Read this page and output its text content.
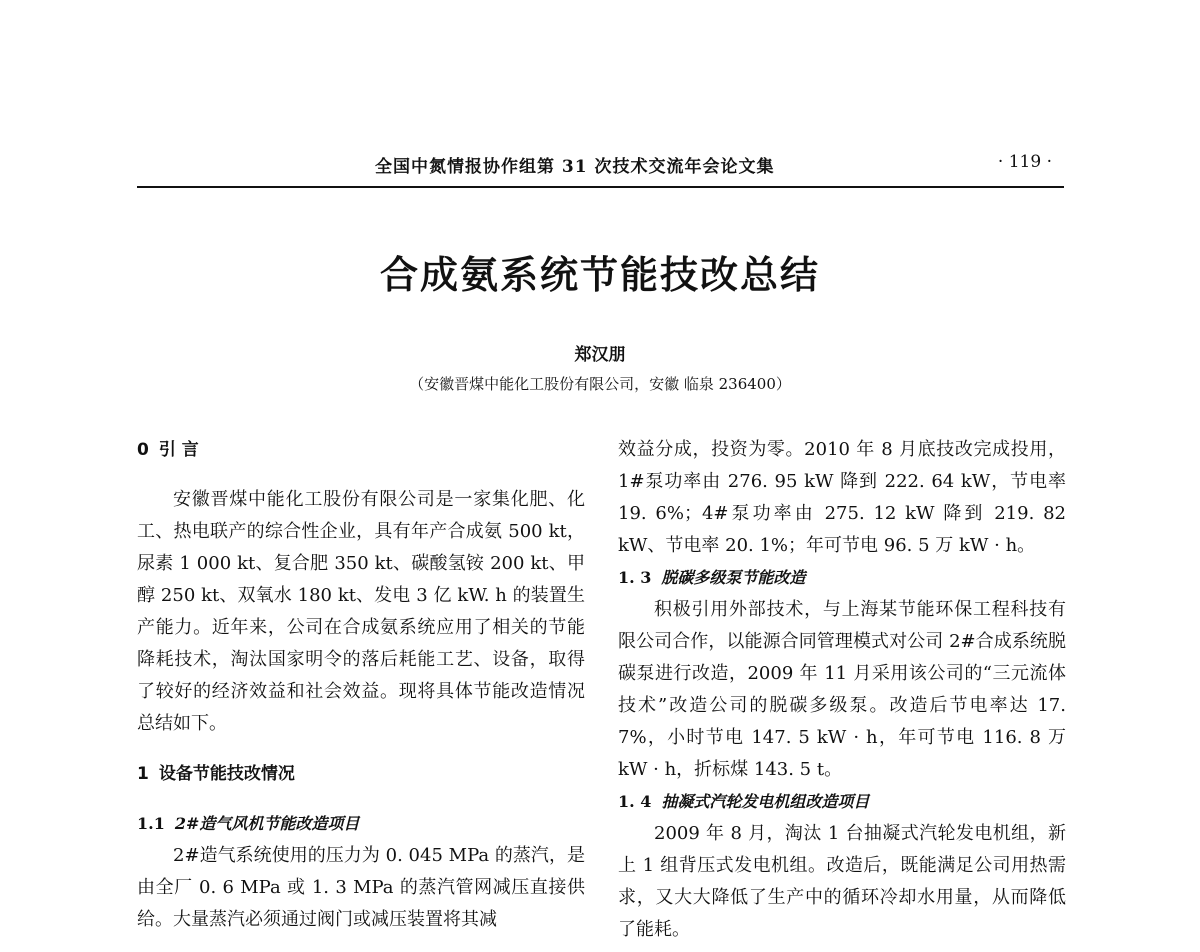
全国中氮情报协作组第 31 次技术交流年会论文集	· 119 ·
合成氨系统节能技改总结
郑汉朋
（安徽晋煤中能化工股份有限公司，安徽 临泉 236400）
0 引 言

安徽晋煤中能化工股份有限公司是一家集化肥、化工、热电联产的综合性企业，具有年产合成氨 500 kt，尿素 1 000 kt、复合肥 350 kt、碳酸氢铵 200 kt、甲醇 250 kt、双氧水 180 kt、发电 3 亿 kW. h 的装置生产能力。近年来，公司在合成氨系统应用了相关的节能降耗技术，淘汰国家明令的落后耗能工艺、设备，取得了较好的经济效益和社会效益。现将具体节能改造情况总结如下。

1 设备节能技改情况
1.1 2#造气风机节能改造项目

2#造气系统使用的压力为 0. 045 MPa 的蒸汽，是由全厂 0. 6 MPa 或 1. 3 MPa 的蒸汽管网减压直接供给。大量蒸汽必须通过阀门或减压装置将其减

效益分成，投资为零。2010 年 8 月底技改完成投用，1#泵功率由 276. 95 kW 降到 222. 64 kW，节电率 19. 6%；4#泵功率由 275. 12 kW 降到 219. 82 kW、节电率 20. 1%；年可节电 96. 5 万 kW · h。

1. 3 脱碳多级泵节能改造

积极引用外部技术，与上海某节能环保工程科技有限公司合作，以能源合同管理模式对公司 2#合成系统脱碳泵进行改造，2009 年 11 月采用该公司的“三元流体技术”改造公司的脱碳多级泵。改造后节电率达 17. 7%，小时节电 147. 5 kW · h，年可节电 116. 8 万 kW · h，折标煤 143. 5 t。

1. 4 抽凝式汽轮发电机组改造项目

2009 年 8 月，淘汰 1 台抽凝式汽轮发电机组，新上 1 组背压式发电机组。改造后，既能满足公司用热需求，又大大降低了生产中的循环冷却水用量，从而降低了能耗。
